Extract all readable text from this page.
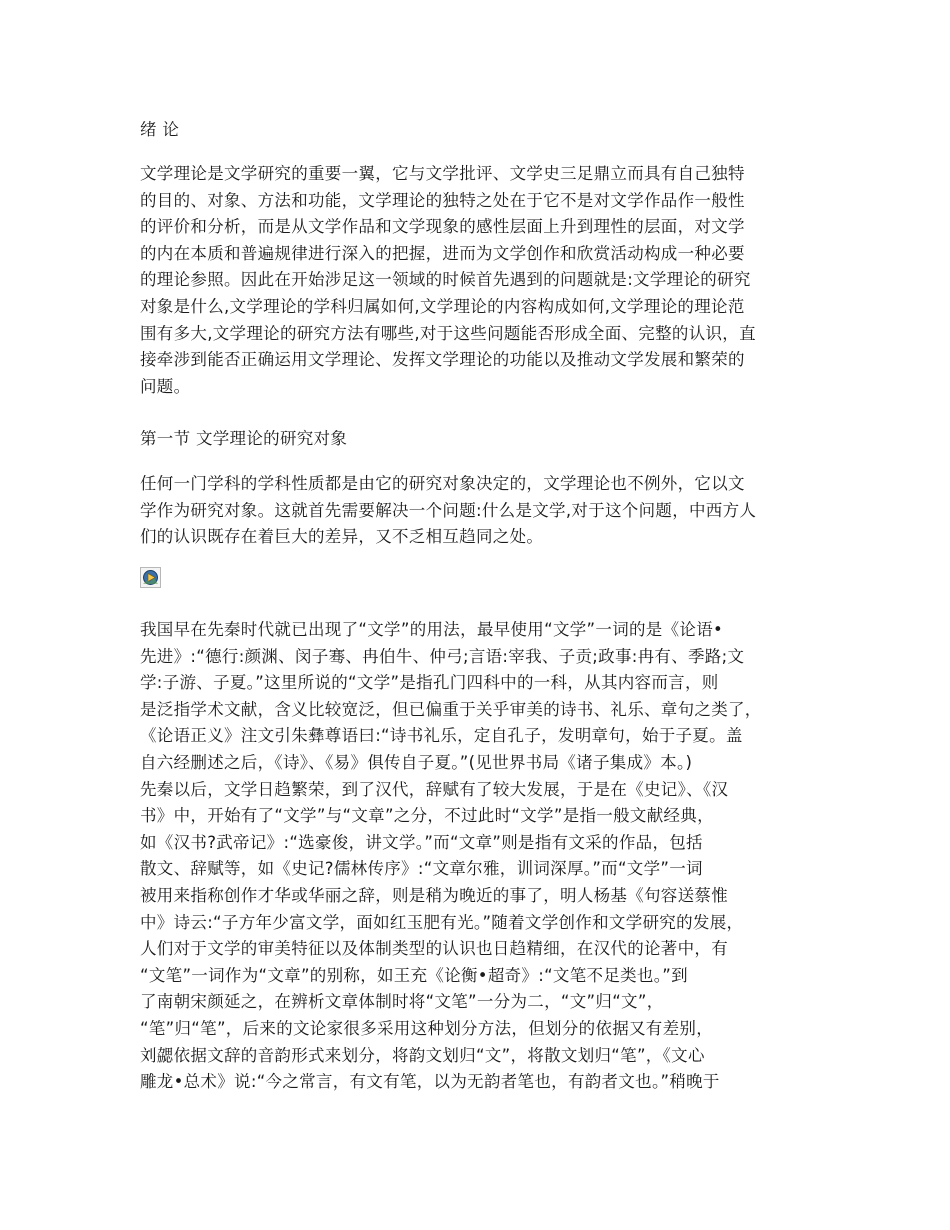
绪 论
文学理论是文学研究的重要一翼，它与文学批评、文学史三足鼎立而具有自己独特
的目的、对象、方法和功能，文学理论的独特之处在于它不是对文学作品作一般性
的评价和分析，而是从文学作品和文学现象的感性层面上升到理性的层面，对文学
的内在本质和普遍规律进行深入的把握，进而为文学创作和欣赏活动构成一种必要
的理论参照。因此在开始涉足这一领域的时候首先遇到的问题就是:文学理论的研究
对象是什么,文学理论的学科归属如何,文学理论的内容构成如何,文学理论的理论范
围有多大,文学理论的研究方法有哪些,对于这些问题能否形成全面、完整的认识，直
接牵涉到能否正确运用文学理论、发挥文学理论的功能以及推动文学发展和繁荣的
问题。
第一节 文学理论的研究对象
任何一门学科的学科性质都是由它的研究对象决定的，文学理论也不例外，它以文
学作为研究对象。这就首先需要解决一个问题:什么是文学,对于这个问题，中西方人
们的认识既存在着巨大的差异，又不乏相互趋同之处。
我国早在先秦时代就已出现了“文学”的用法，最早使用“文学”一词的是《论语•
先进》:“德行:颜渊、闵子骞、冉伯牛、仲弓;言语:宰我、子贡;政事:冉有、季路;文
学:子游、子夏。”这里所说的“文学”是指孔门四科中的一科，从其内容而言，则
是泛指学术文献，含义比较宽泛，但已偏重于关乎审美的诗书、礼乐、章句之类了，
《论语正义》注文引朱彝尊语曰:“诗书礼乐，定自孔子，发明章句，始于子夏。盖
自六经删述之后，《诗》、《易》俱传自子夏。”(见世界书局《诸子集成》本。)
先秦以后，文学日趋繁荣，到了汉代，辞赋有了较大发展，于是在《史记》、《汉
书》中，开始有了“文学”与“文章”之分，不过此时“文学”是指一般文献经典，
如《汉书?武帝记》:“选豪俊，讲文学。”而“文章”则是指有文采的作品，包括
散文、辞赋等，如《史记?儒林传序》:“文章尔雅，训词深厚。”而“文学”一词
被用来指称创作才华或华丽之辞，则是稍为晚近的事了，明人杨基《句容送蔡惟
中》诗云:“子方年少富文学，面如红玉肥有光。”随着文学创作和文学研究的发展，
人们对于文学的审美特征以及体制类型的认识也日趋精细，在汉代的论著中，有
“文笔”一词作为“文章”的别称，如王充《论衡•超奇》:“文笔不足类也。”到
了南朝宋颜延之，在辨析文章体制时将“文笔”一分为二，“文”归“文”，
“笔”归“笔”，后来的文论家很多采用这种划分方法，但划分的依据又有差别，
刘勰依据文辞的音韵形式来划分，将韵文划归“文”，将散文划归“笔”，《文心
雕龙•总术》说:“今之常言，有文有笔，以为无韵者笔也，有韵者文也。”稍晚于
